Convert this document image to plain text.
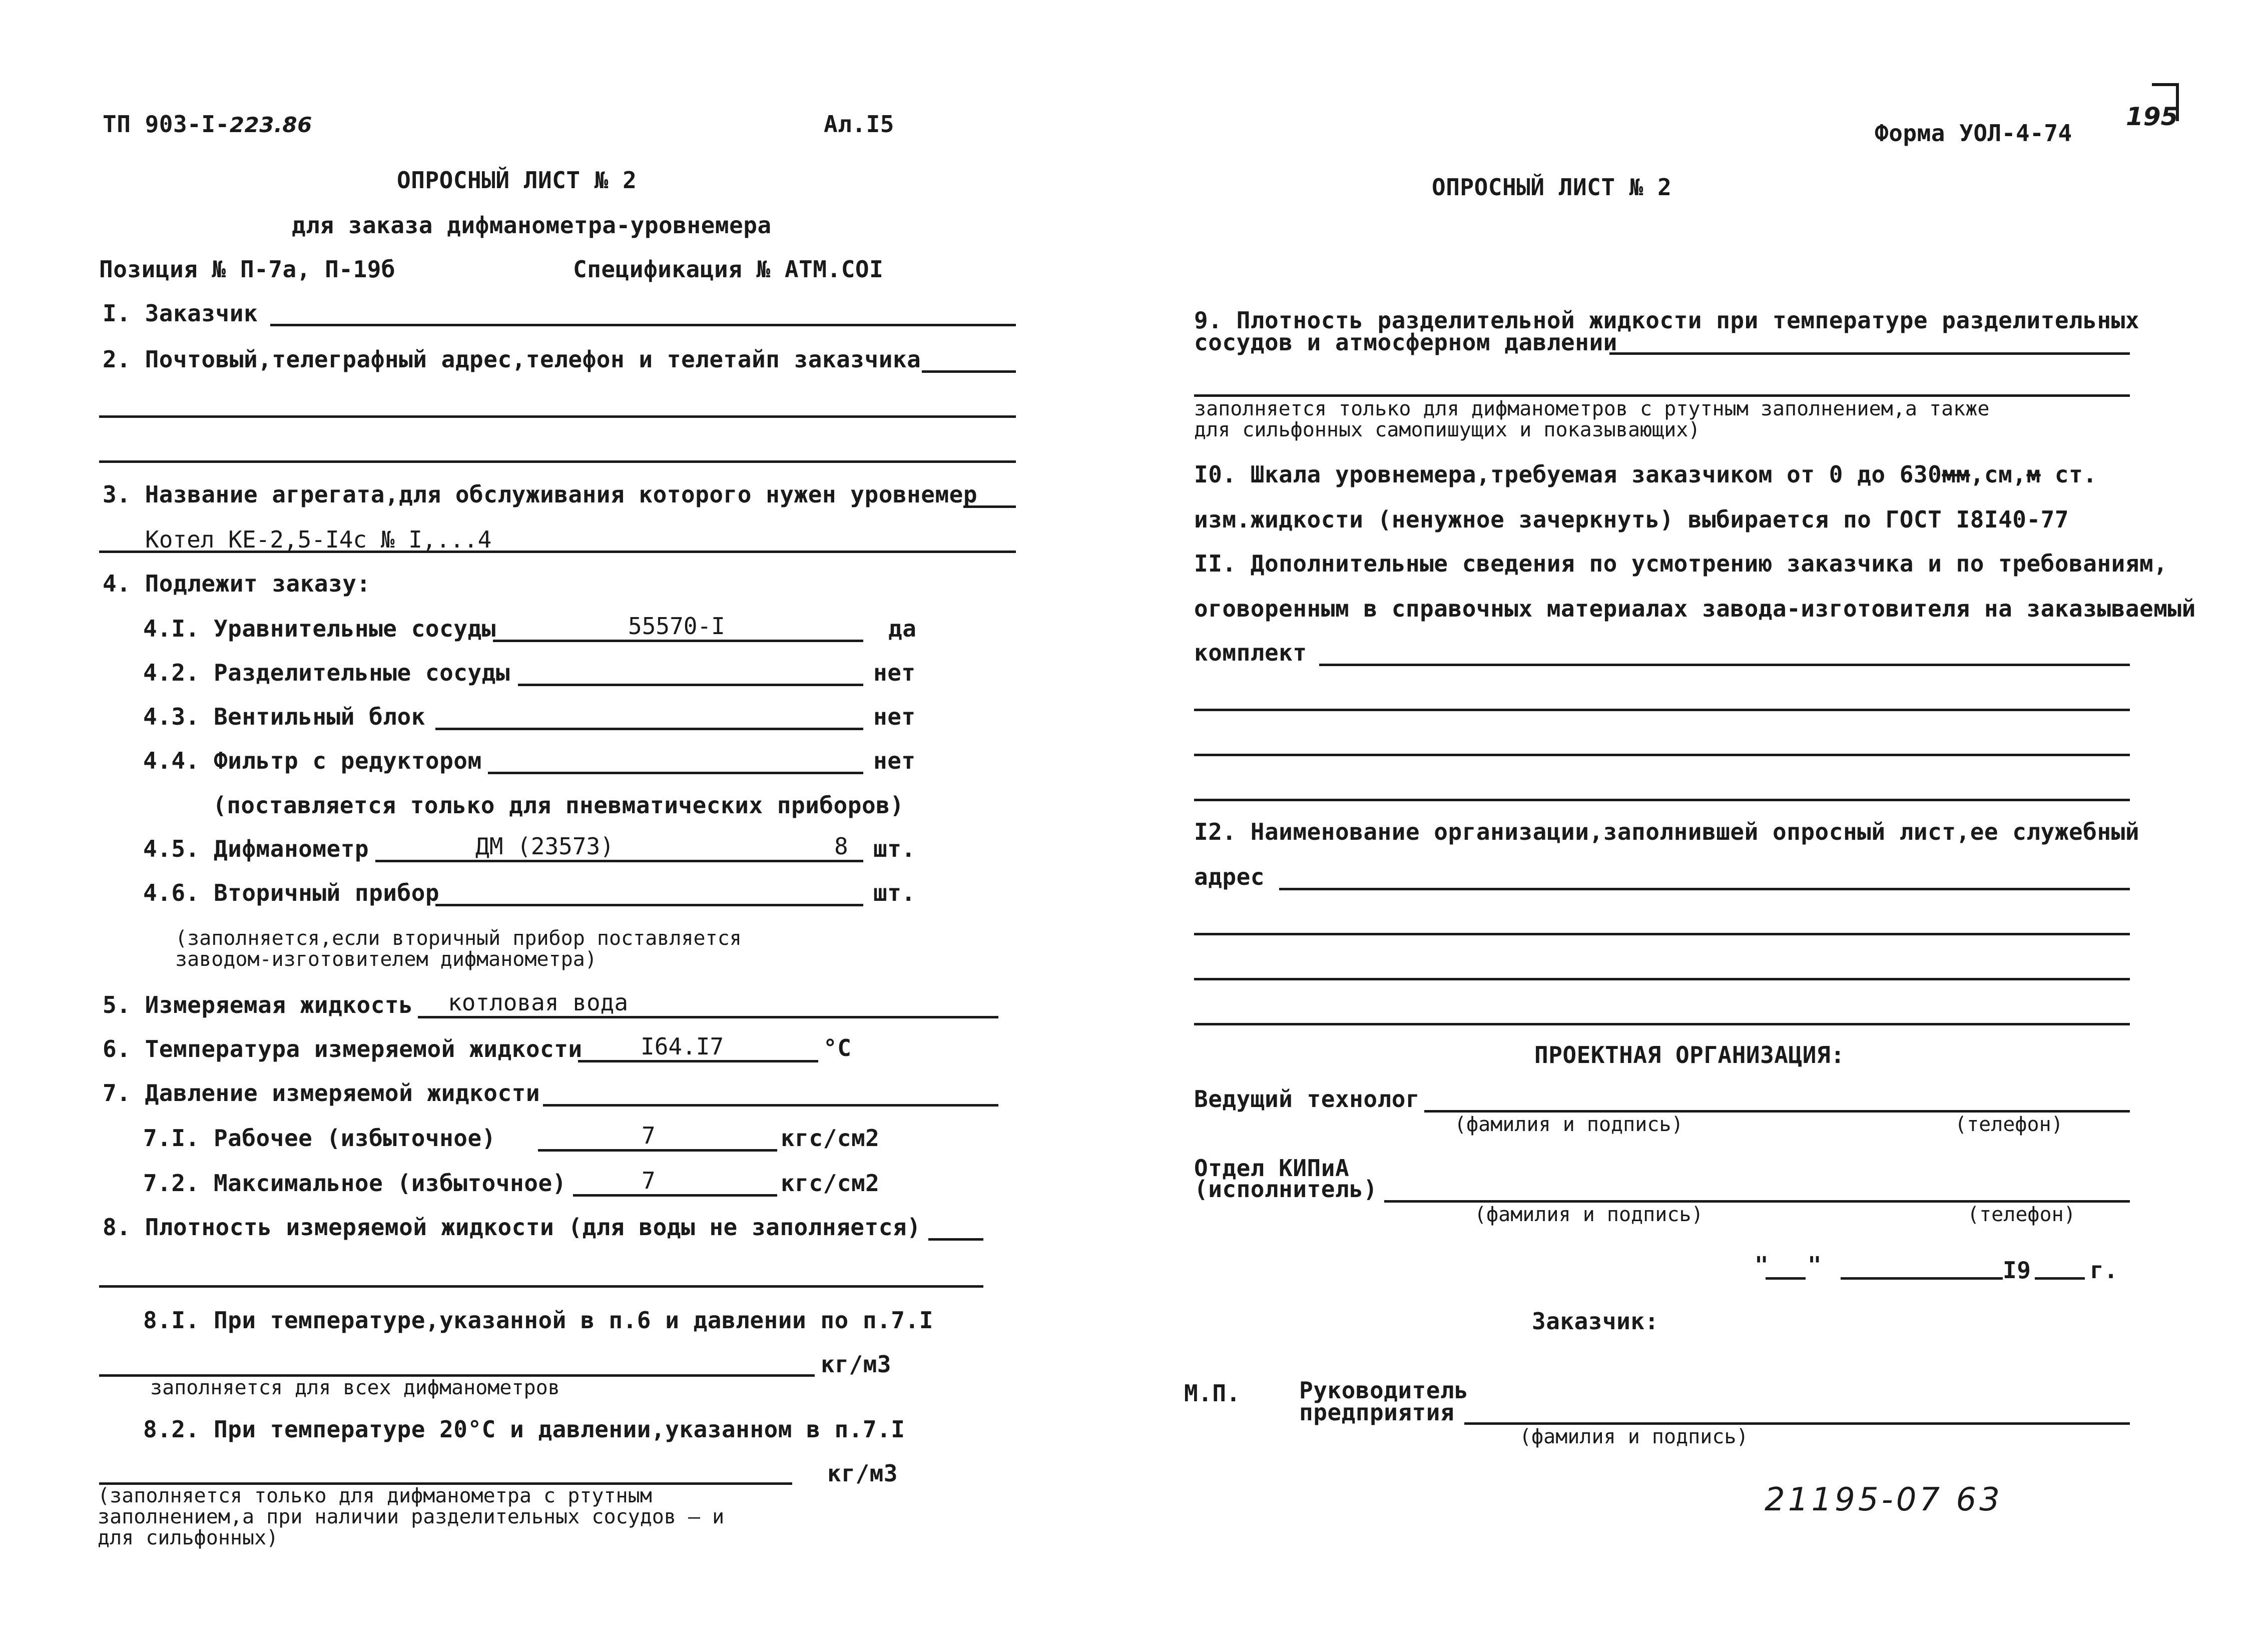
ТП 903-I-223.86	Ал.I5
ОПРОСНЫЙ ЛИСТ № 2
для заказа дифманометра-уровнемера
Позиция № П-7а, П-19б	Спецификация № АТМ.СОI
I. Заказчик
2. Почтовый,телеграфный адрес,телефон и телетайп заказчика
3. Название агрегата,для обслуживания которого нужен уровнемер
Котел КЕ-2,5-I4с № I,...4
4. Подлежит заказу:
4.I. Уравнительные сосуды	55570-I	да
4.2. Разделительные сосуды	нет
4.3. Вентильный блок	нет
4.4. Фильтр с редуктором	нет
(поставляется только для пневматических приборов)
4.5. Дифманометр	ДМ (23573)	8 шт.
4.6. Вторичный прибор	шт.
(заполняется,если вторичный прибор поставляется
заводом-изготовителем дифманометра)
5. Измеряемая жидкость котловая вода
6. Температура измеряемой жидкости	I64.I7	°С
7. Давление измеряемой жидкости
7.I. Рабочее (избыточное)	7	кгс/см2
7.2. Максимальное (избыточное)	7	кгс/см2
8. Плотность измеряемой жидкости (для воды не заполняется)
8.I. При температуре,указанной в п.6 и давлении по п.7.I
кг/м3
заполняется для всех дифманометров
8.2. При температуре 20°С и давлении,указанном в п.7.I
кг/м3
(заполняется только для дифманометра с ртутным
заполнением,а при наличии разделительных сосудов – и
для сильфонных)
Форма УОЛ-4-74
195
ОПРОСНЫЙ ЛИСТ № 2
9. Плотность разделительной жидкости при температуре разделительных
сосудов и атмосферном давлении
заполняется только для дифманометров с ртутным заполнением,а также
для сильфонных самопишущих и показывающих)
I0. Шкала уровнемера,требуемая заказчиком от 0 до 630мм,см,м ст.
изм.жидкости (ненужное зачеркнуть) выбирается по ГОСТ I8I40-77
II. Дополнительные сведения по усмотрению заказчика и по требованиям,
оговоренным в справочных материалах завода-изготовителя на заказываемый
комплект
I2. Наименование организации,заполнившей опросный лист,ее служебный
адрес
ПРОЕКТНАЯ ОРГАНИЗАЦИЯ:
Ведущий технолог
(фамилия и подпись)	(телефон)
Отдел КИПиА
(исполнитель)
(фамилия и подпись)	(телефон)
" "	I9	г.
Заказчик:
М.П.	Руководитель
предприятия
(фамилия и подпись)
21195-07 63
